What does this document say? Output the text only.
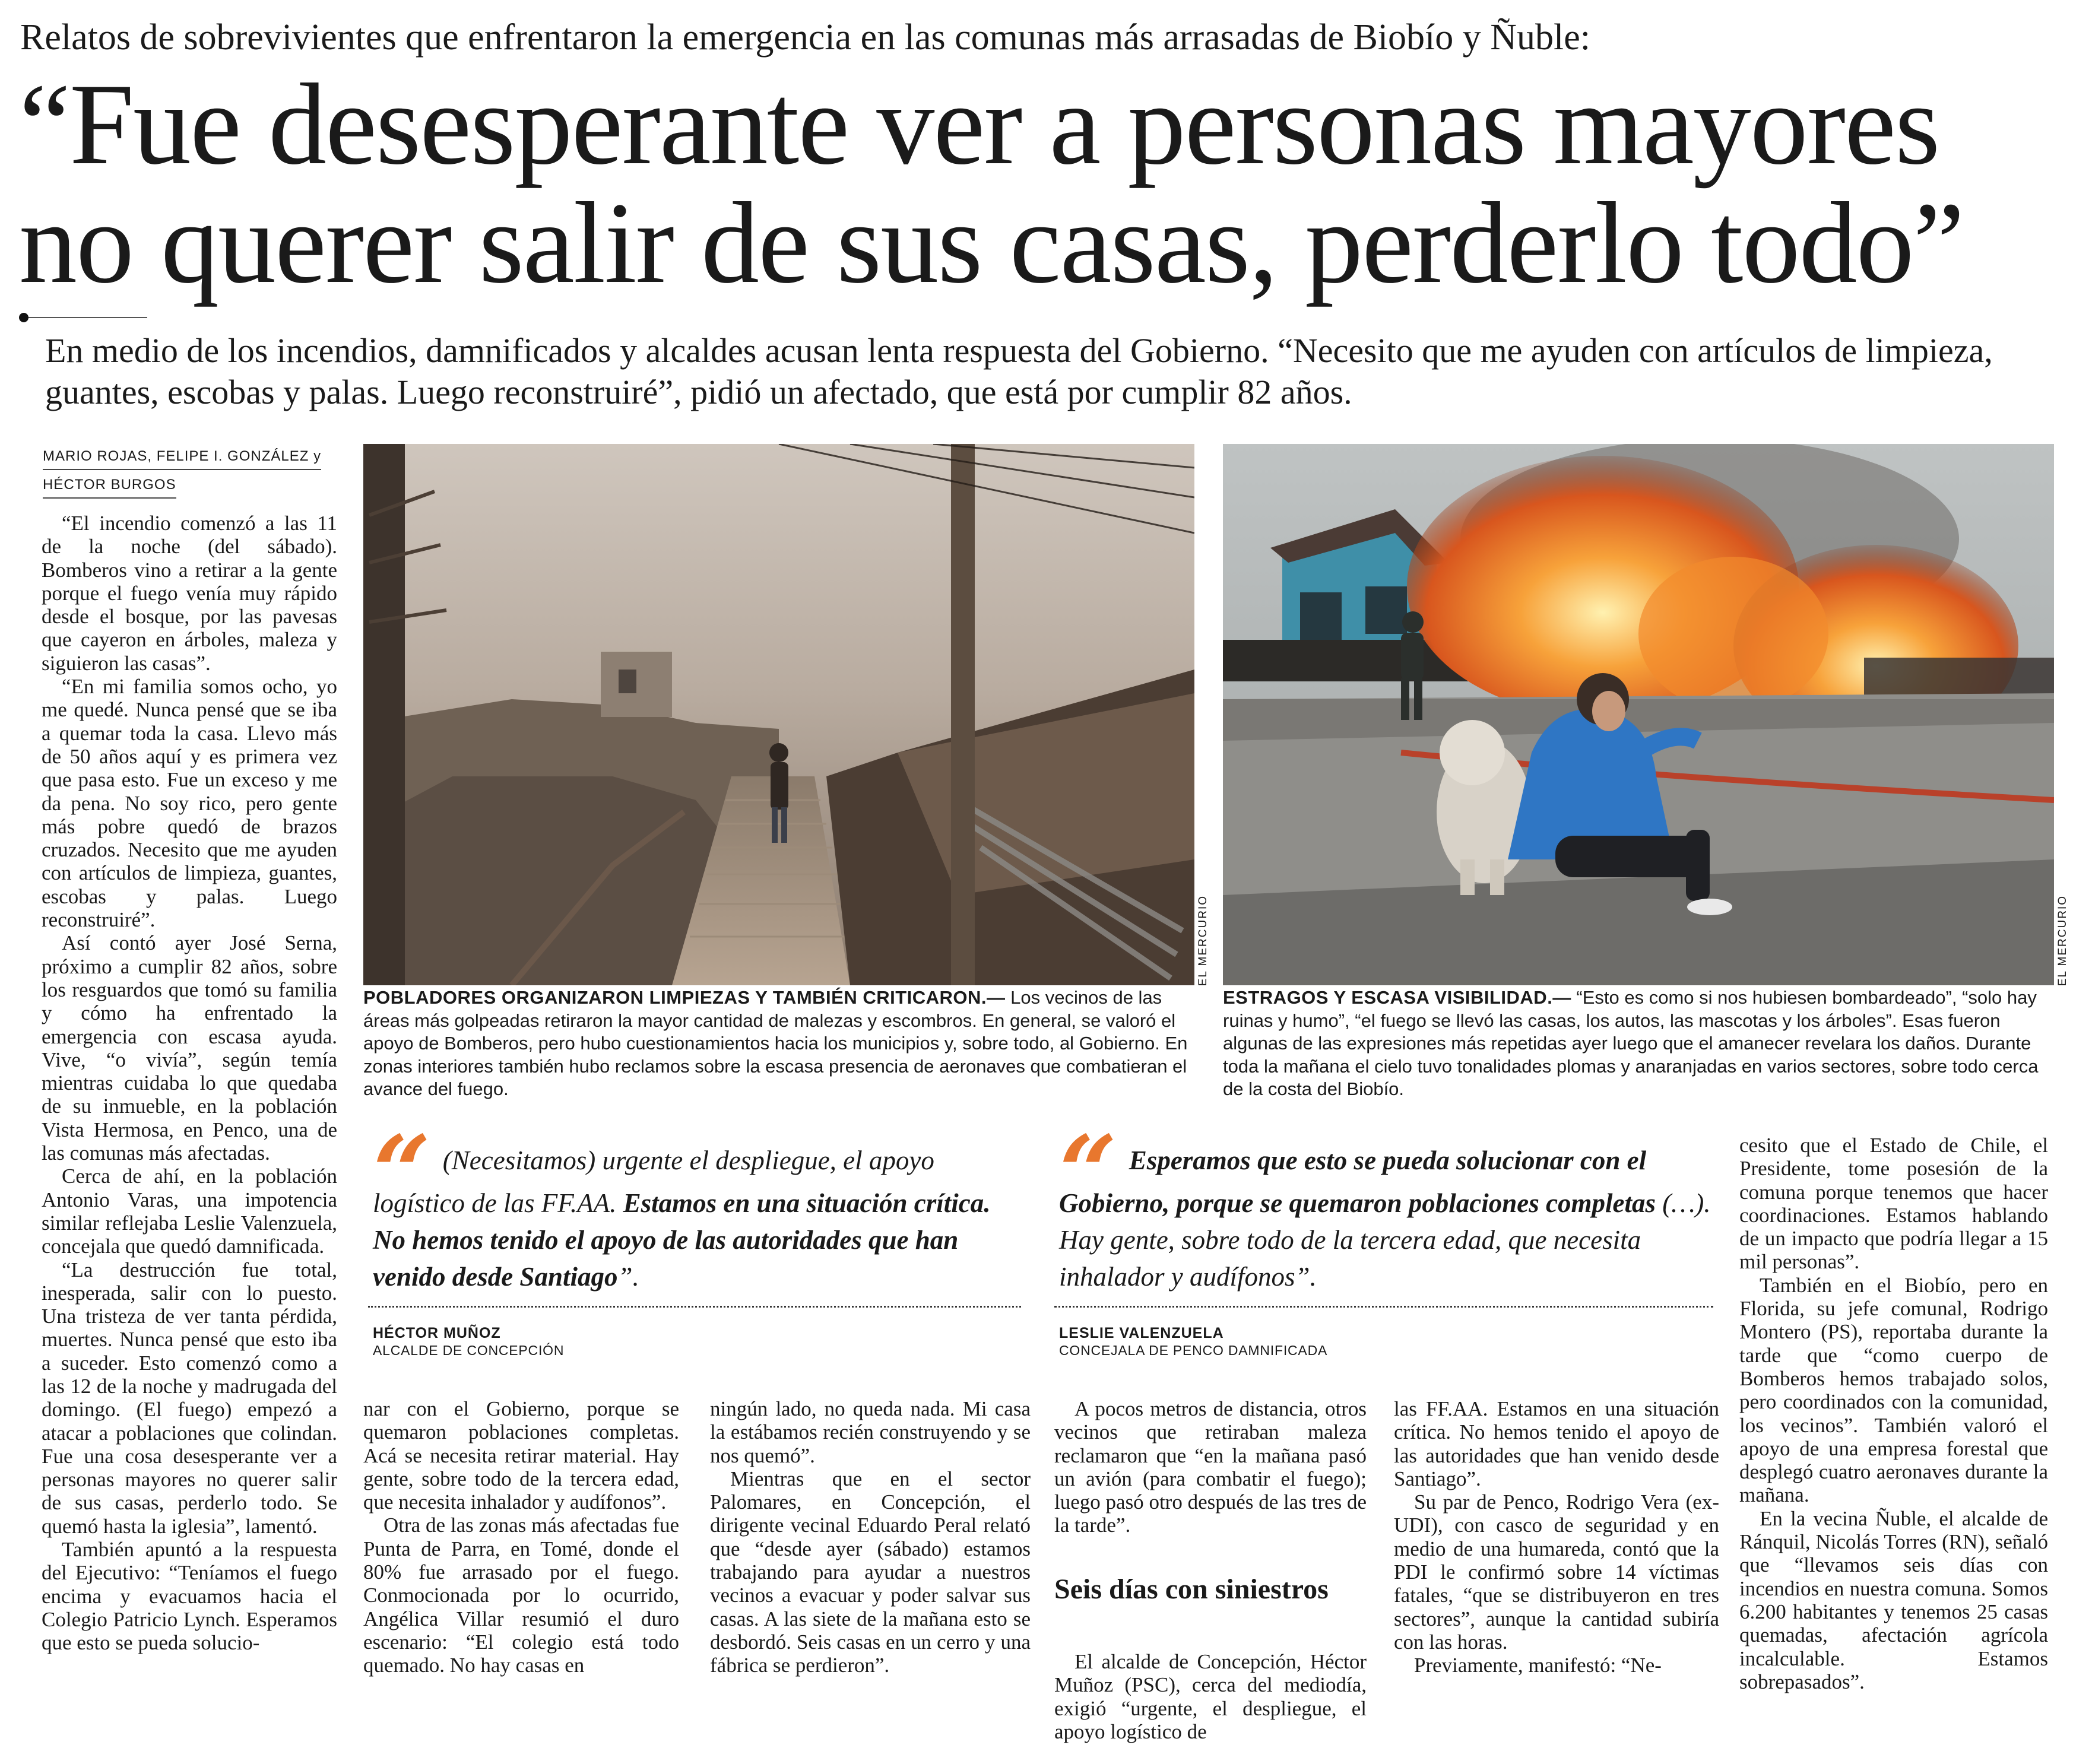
Relatos de sobrevivientes que enfrentaron la emergencia en las comunas más arrasadas de Biobío y Ñuble:
“Fue desesperante ver a personas mayores
no querer salir de sus casas, perderlo todo”
En medio de los incendios, damnificados y alcaldes acusan lenta respuesta del Gobierno. “Necesito que me ayuden con artículos de limpieza, guantes, escobas y palas. Luego reconstruiré”, pidió un afectado, que está por cumplir 82 años.
MARIO ROJAS, FELIPE I. GONZÁLEZ y
HÉCTOR BURGOS

“El incendio comenzó a las 11 de la noche (del sábado). Bomberos vino a retirar a la gente porque el fuego venía muy rápido desde el bosque, por las pavesas que cayeron en árboles, maleza y siguieron las casas”.

“En mi familia somos ocho, yo me quedé. Nunca pensé que se iba a quemar toda la casa. Llevo más de 50 años aquí y es primera vez que pasa esto. Fue un exceso y me da pena. No soy rico, pero gente más pobre quedó de brazos cruzados. Necesito que me ayuden con artículos de limpieza, guantes, escobas y palas. Luego reconstruiré”.

Así contó ayer José Serna, próximo a cumplir 82 años, sobre los resguardos que tomó su familia y cómo ha enfrentado la emergencia con escasa ayuda. Vive, “o vivía”, según temía mientras cuidaba lo que quedaba de su inmueble, en la población Vista Hermosa, en Penco, una de las comunas más afectadas.

Cerca de ahí, en la población Antonio Varas, una impotencia similar reflejaba Leslie Valenzuela, concejala que quedó damnificada.

“La destrucción fue total, inesperada, salir con lo puesto. Una tristeza de ver tanta pérdida, muertes. Nunca pensé que esto iba a suceder. Esto comenzó como a las 12 de la noche y madrugada del domingo. (El fuego) empezó a atacar a poblaciones que colindan. Fue una cosa desesperante ver a personas mayores no querer salir de sus casas, perderlo todo. Se quemó hasta la iglesia”, lamentó.

También apuntó a la respuesta del Ejecutivo: “Teníamos el fuego encima y evacuamos hacia el Colegio Patricio Lynch. Esperamos que esto se pueda solucio-

EL MERCURIO	EL MERCURIO
POBLADORES ORGANIZARON LIMPIEZAS Y TAMBIÉN CRITICARON.— Los vecinos de las áreas más golpeadas retiraron la mayor cantidad de malezas y escombros. En general, se valoró el apoyo de Bomberos, pero hubo cuestionamientos hacia los municipios y, sobre todo, al Gobierno. En zonas interiores también hubo reclamos sobre la escasa presencia de aeronaves que combatieran el avance del fuego.
ESTRAGOS Y ESCASA VISIBILIDAD.— “Esto es como si nos hubiesen bombardeado”, “solo hay ruinas y humo”, “el fuego se llevó las casas, los autos, las mascotas y los árboles”. Esas fueron algunas de las expresiones más repetidas ayer luego que el amanecer revelara los daños. Durante toda la mañana el cielo tuvo tonalidades plomas y anaranjadas en varios sectores, sobre todo cerca de la costa del Biobío.
“ (Necesitamos) urgente el despliegue, el apoyo logístico de las FF.AA. Estamos en una situación crítica. No hemos tenido el apoyo de las autoridades que han venido desde Santiago”.
HÉCTOR MUÑOZ
ALCALDE DE CONCEPCIÓN
“ Esperamos que esto se pueda solucionar con el Gobierno, porque se quemaron poblaciones completas (…). Hay gente, sobre todo de la tercera edad, que necesita inhalador y audífonos”.
LESLIE VALENZUELA
CONCEJALA DE PENCO DAMNIFICADA

nar con el Gobierno, porque se quemaron poblaciones completas. Acá se necesita retirar material. Hay gente, sobre todo de la tercera edad, que necesita inhalador y audífonos”.

Otra de las zonas más afectadas fue Punta de Parra, en Tomé, donde el 80% fue arrasado por el fuego. Conmocionada por lo ocurrido, Angélica Villar resumió el duro escenario: “El colegio está todo quemado. No hay casas en

ningún lado, no queda nada. Mi casa la estábamos recién construyendo y se nos quemó”.

Mientras que en el sector Palomares, en Concepción, el dirigente vecinal Eduardo Peral relató que “desde ayer (sábado) estamos trabajando para ayudar a nuestros vecinos a evacuar y poder salvar sus casas. A las siete de la mañana esto se desbordó. Seis casas en un cerro y una fábrica se perdieron”.

A pocos metros de distancia, otros vecinos que retiraban maleza reclamaron que “en la mañana pasó un avión (para combatir el fuego); luego pasó otro después de las tres de la tarde”.

Seis días con siniestros

El alcalde de Concepción, Héctor Muñoz (PSC), cerca del mediodía, exigió “urgente, el despliegue, el apoyo logístico de

las FF.AA. Estamos en una situación crítica. No hemos tenido el apoyo de las autoridades que han venido desde Santiago”.

Su par de Penco, Rodrigo Vera (ex-UDI), con casco de seguridad y en medio de una humareda, contó que la PDI le confirmó sobre 14 víctimas fatales, “que se distribuyeron en tres sectores”, aunque la cantidad subiría con las horas.

Previamente, manifestó: “Ne-

cesito que el Estado de Chile, el Presidente, tome posesión de la comuna porque tenemos que hacer coordinaciones. Estamos hablando de un impacto que podría llegar a 15 mil personas”.

También en el Biobío, pero en Florida, su jefe comunal, Rodrigo Montero (PS), reportaba durante la tarde que “como cuerpo de Bomberos hemos trabajado solos, pero coordinados con la comunidad, los vecinos”. También valoró el apoyo de una empresa forestal que desplegó cuatro aeronaves durante la mañana.

En la vecina Ñuble, el alcalde de Ránquil, Nicolás Torres (RN), señaló que “llevamos seis días con incendios en nuestra comuna. Somos 6.200 habitantes y tenemos 25 casas quemadas, afectación agrícola incalculable. Estamos sobrepasados”.
